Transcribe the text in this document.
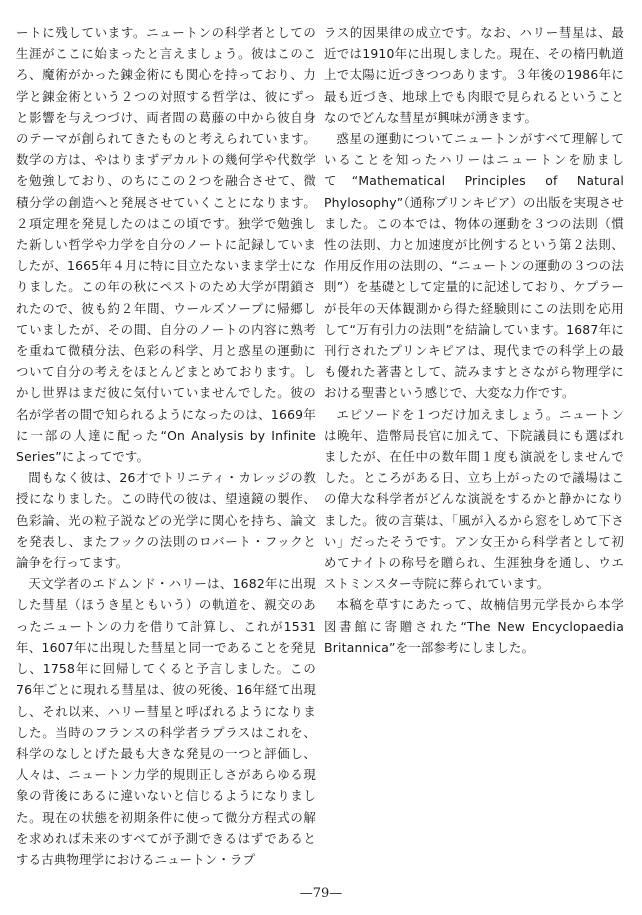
ートに残しています。ニュートンの科学者としての生涯がここに始まったと言えましょう。彼はこのころ、魔術がかった錬金術にも関心を持っており、力学と錬金術という２つの対照する哲学は、彼にずっと影響を与えつづけ、両者間の葛藤の中から彼自身のテーマが創られてきたものと考えられています。数学の方は、やはりまずデカルトの幾何学や代数学を勉強しており、のちにこの２つを融合させて、微積分学の創造へと発展させていくことになります。２項定理を発見したのはこの頃です。独学で勉強した新しい哲学や力学を自分のノートに記録していましたが、1665年４月に特に目立たないまま学士になりました。この年の秋にペストのため大学が閉鎖されたので、彼も約２年間、ウールズソープに帰郷していましたが、その間、自分のノートの内容に熟考を重ねて微積分法、色彩の科学、月と惑星の運動について自分の考えをほとんどまとめております。しかし世界はまだ彼に気付いていませんでした。彼の名が学者の間で知られるようになったのは、1669年に一部の人達に配った“On Analysis by Infinite Series”によってです。

間もなく彼は、26才でトリニティ・カレッジの教授になりました。この時代の彼は、望遠鏡の製作、色彩論、光の粒子説などの光学に関心を持ち、論文を発表し、またフックの法則のロバート・フックと論争を行ってます。

天文学者のエドムンド・ハリーは、1682年に出現した彗星（ほうき星ともいう）の軌道を、親交のあったニュートンの力を借りて計算し、これが1531年、1607年に出現した彗星と同一であることを発見し、1758年に回帰してくると予言しました。この76年ごとに現れる彗星は、彼の死後、16年経て出現し、それ以来、ハリー彗星と呼ばれるようになりました。当時のフランスの科学者ラプラスはこれを、科学のなしとげた最も大きな発見の一つと評価し、人々は、ニュートン力学的規則正しさがあらゆる現象の背後にあるに違いないと信じるようになりました。現在の状態を初期条件に使って微分方程式の解を求めれば未来のすべてが予測できるはずであるとする古典物理学におけるニュートン・ラプ

ラス的因果律の成立です。なお、ハリー彗星は、最近では1910年に出現しました。現在、その楕円軌道上で太陽に近づきつつあります。３年後の1986年に最も近づき、地球上でも肉眼で見られるということなのでどんな彗星が興味が湧きます。

惑星の運動についてニュートンがすべて理解していることを知ったハリーはニュートンを励まして“Mathematical Principles of Natural Phylosophy”（通称プリンキピア）の出版を実現させました。この本では、物体の運動を３つの法則（慣性の法則、力と加速度が比例するという第２法則、作用反作用の法則の、“ニュートンの運動の３つの法則”）を基礎として定量的に記述しており、ケプラーが長年の天体観測から得た経験則にこの法則を応用して“万有引力の法則”を結論しています。1687年に刊行されたプリンキピアは、現代までの科学上の最も優れた著書として、読みますとさながら物理学における聖書という感じで、大変な力作です。

エピソードを１つだけ加えましょう。ニュートンは晩年、造幣局長官に加えて、下院議員にも選ばれましたが、在任中の数年間１度も演説をしませんでした。ところがある日、立ち上がったので議場はこの偉大な科学者がどんな演説をするかと静かになりました。彼の言葉は、「風が入るから窓をしめて下さい」だったそうです。アン女王から科学者として初めてナイトの称号を贈られ、生涯独身を通し、ウエストミンスター寺院に葬られています。

本稿を草すにあたって、故楠信男元学長から本学図書館に寄贈された“The New Encyclopaedia Britannica”を一部参考にしました。

—79—
